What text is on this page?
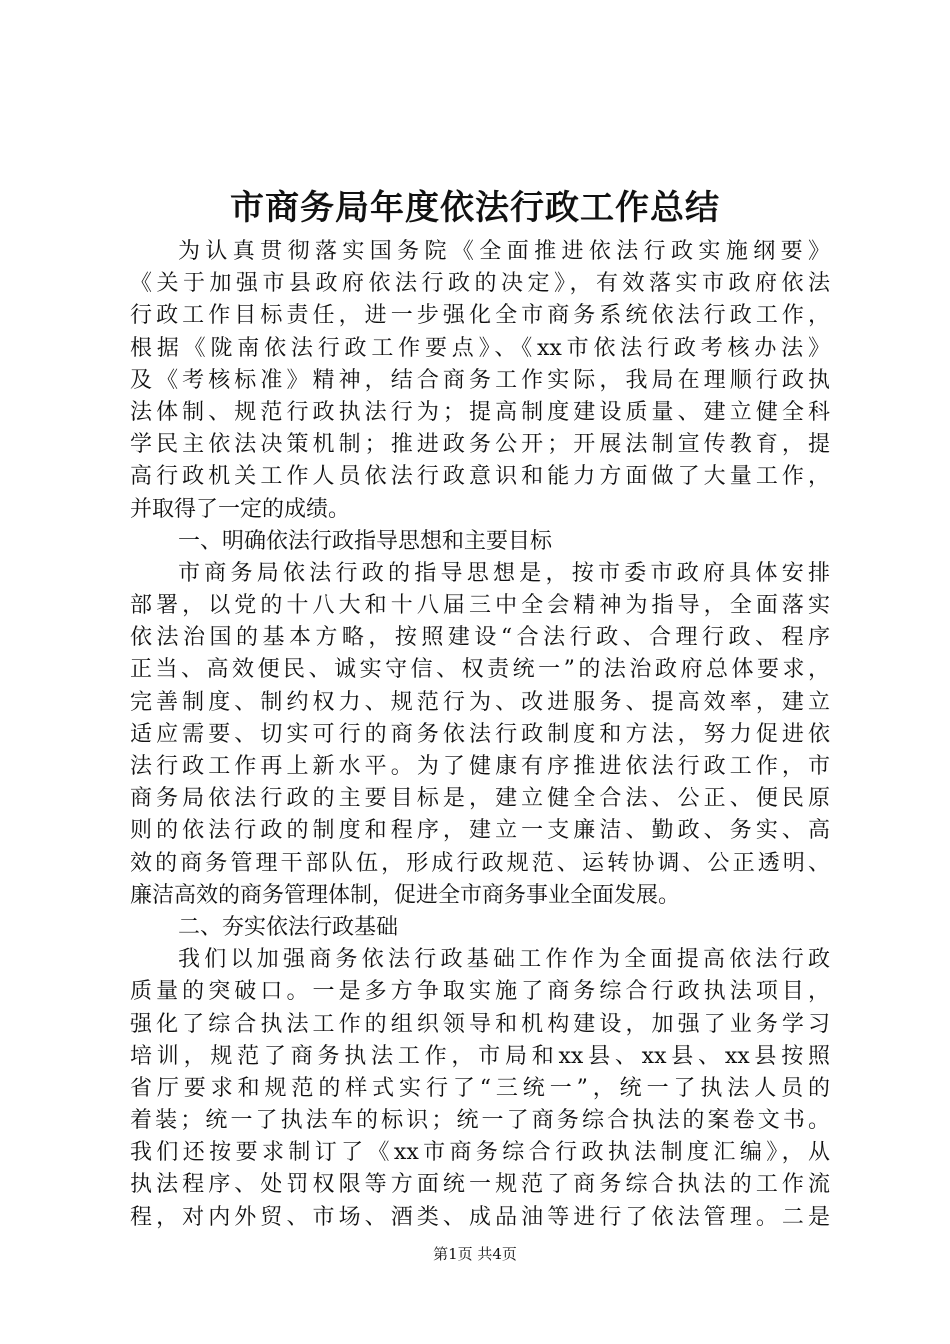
市商务局年度依法行政工作总结
为认真贯彻落实国务院《全面推进依法行政实施纲要》
《关于加强市县政府依法行政的决定》，有效落实市政府依法
行政工作目标责任，进一步强化全市商务系统依法行政工作，
根据《陇南依法行政工作要点》、《xx市依法行政考核办法》
及《考核标准》精神，结合商务工作实际，我局在理顺行政执
法体制、规范行政执法行为；提高制度建设质量、建立健全科
学民主依法决策机制；推进政务公开；开展法制宣传教育，提
高行政机关工作人员依法行政意识和能力方面做了大量工作，
并取得了一定的成绩。
一、明确依法行政指导思想和主要目标
市商务局依法行政的指导思想是，按市委市政府具体安排
部署，以党的十八大和十八届三中全会精神为指导，全面落实
依法治国的基本方略，按照建设“合法行政、合理行政、程序
正当、高效便民、诚实守信、权责统一”的法治政府总体要求，
完善制度、制约权力、规范行为、改进服务、提高效率，建立
适应需要、切实可行的商务依法行政制度和方法，努力促进依
法行政工作再上新水平。为了健康有序推进依法行政工作，市
商务局依法行政的主要目标是，建立健全合法、公正、便民原
则的依法行政的制度和程序，建立一支廉洁、勤政、务实、高
效的商务管理干部队伍，形成行政规范、运转协调、公正透明、
廉洁高效的商务管理体制，促进全市商务事业全面发展。
二、夯实依法行政基础
我们以加强商务依法行政基础工作作为全面提高依法行政
质量的突破口。一是多方争取实施了商务综合行政执法项目，
强化了综合执法工作的组织领导和机构建设，加强了业务学习
培训，规范了商务执法工作，市局和xx县、xx县、xx县按照
省厅要求和规范的样式实行了“三统一”，统一了执法人员的
着装；统一了执法车的标识；统一了商务综合执法的案卷文书。
我们还按要求制订了《xx市商务综合行政执法制度汇编》，从
执法程序、处罚权限等方面统一规范了商务综合执法的工作流
程，对内外贸、市场、酒类、成品油等进行了依法管理。二是
第1页 共4页
